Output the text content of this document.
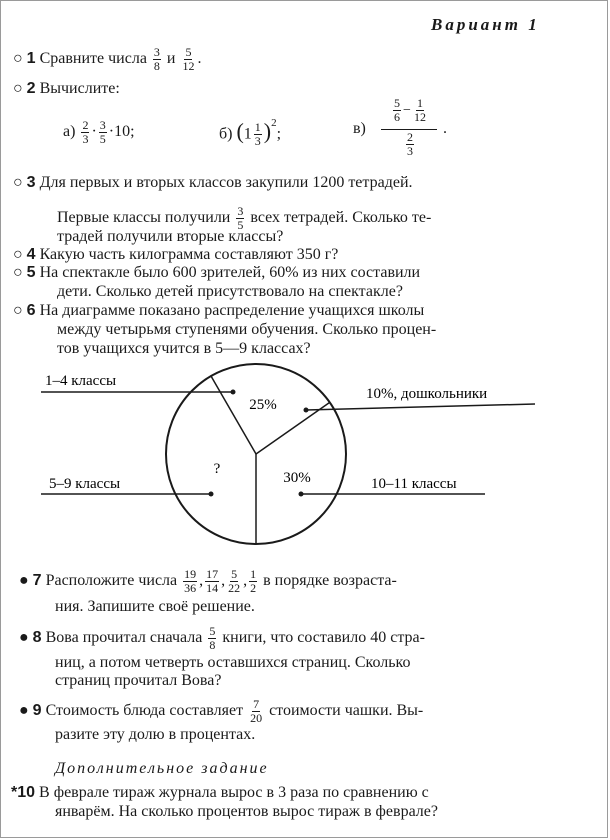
Вариант 1
○ 1 Сравните числа $\frac{3}{8}$ и $\frac{5}{12}$ .
○ 2 Вычислите:
$а) \frac{2}{3} \cdot \frac{3}{5} \cdot 10$;	б) $(1 \frac{1}{3} )^2$;	в)
$\frac{5}{6} - \frac{1}{12}$
$\frac{2}{3}$
.
○ 3 Для первых и вторых классов закупили 1200 тетрадей.
Первые классы получили $\frac{3}{5}$ всех тетрадей. Сколько те-
традей получили вторые классы?
○ 4 Какую часть килограмма составляют 350 г?
○ 5 На спектакле было 600 зрителей, 60% из них составили
дети. Сколько детей присутствовало на спектакле?
○ 6 На диаграмме показано распределение учащихся школы
между четырьмя ступенями обучения. Сколько процен-
тов учащихся учится в 5—9 классах?
25%
30%
?
1–4 классы
10%, дошкольники
10–11 классы
5–9 классы
● 7 Расположите числа $\frac{19}{36}$ , $\frac{17}{14}$ , $\frac{5}{22}$ , $\frac{1}{2}$ в порядке возраста-
ния. Запишите своё решение.
● 8 Вова прочитал сначала $\frac{5}{8}$ книги, что составило 40 стра-
ниц, а потом четверть оставшихся страниц. Сколько
страниц прочитал Вова?
● 9 Стоимость блюда составляет $\frac{7}{20}$ стоимости чашки. Вы-
разите эту долю в процентах.
Дополнительное задание
*10 В феврале тираж журнала вырос в 3 раза по сравнению с
январём. На сколько процентов вырос тираж в феврале?
